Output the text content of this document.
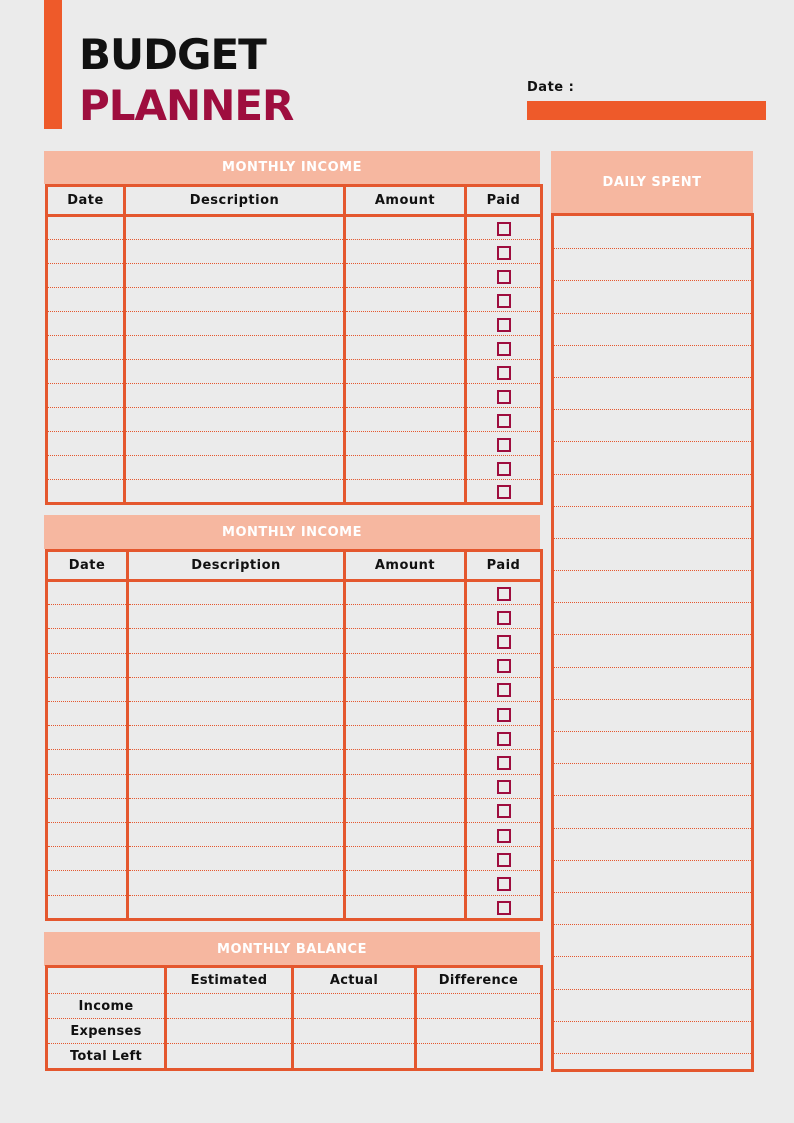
BUDGET
PLANNER	Date :
MONTHLY INCOME
Date	Description	Amount	Paid

MONTHLY INCOME
Date	Description	Amount	Paid

MONTHLY BALANCE
	Estimated	Actual	Difference
Income			
Expenses			
Total Left			
DAILY SPENT
